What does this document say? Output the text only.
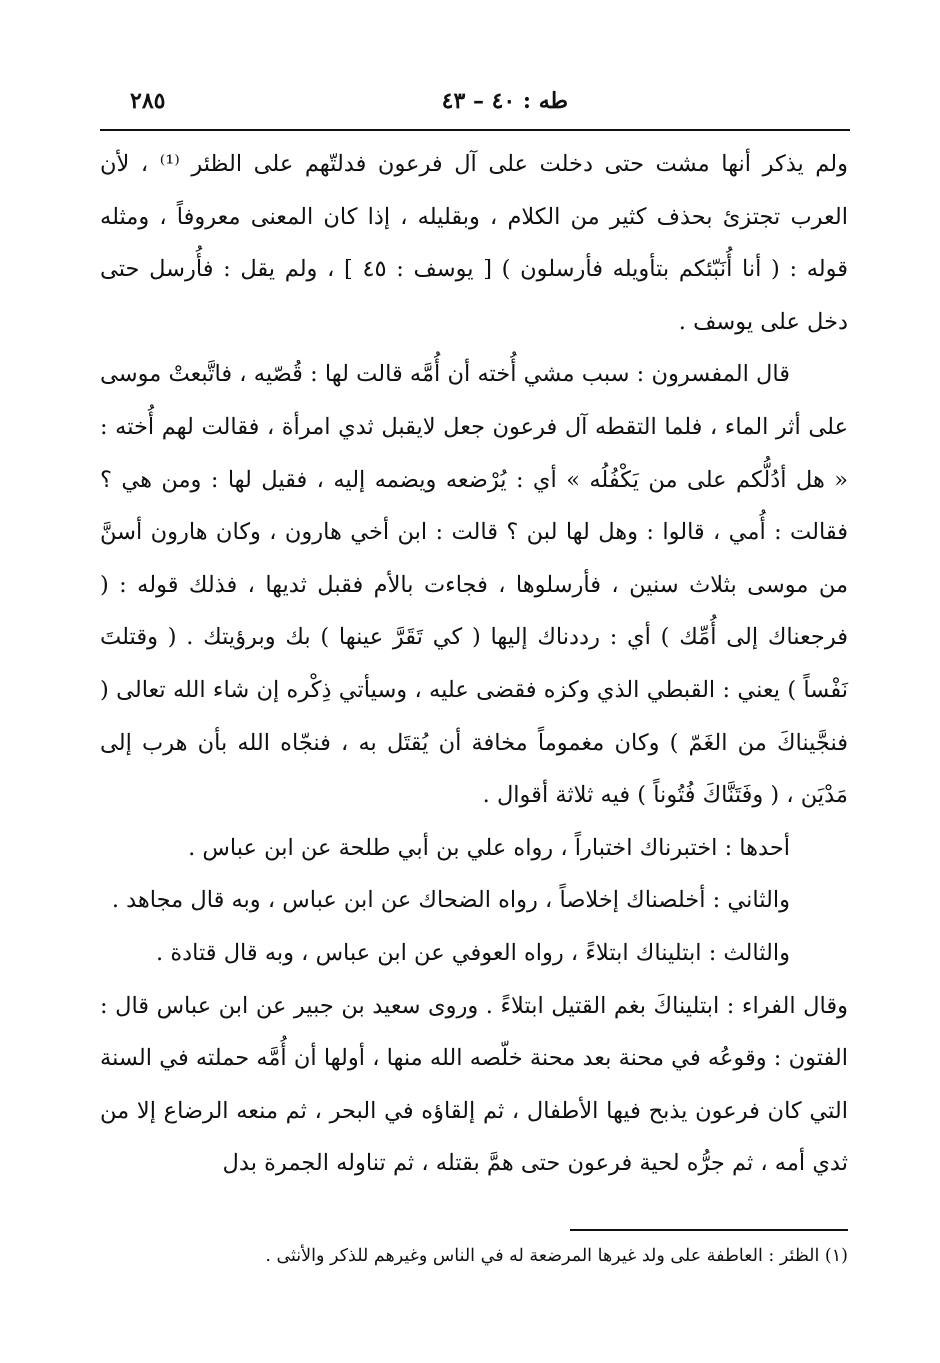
طه : ٤٠ – ٤٣
٢٨٥

ولم يذكر أنها مشت حتى دخلت على آل فرعون فدلتّهم على الظئر ⁽¹⁾ ، لأن العرب تجتزئ بحذف كثير من الكلام ، وبقليله ، إذا كان المعنى معروفاً ، ومثله قوله : ( أنا أُنَبّئكم بتأويله فأرسلون ) [ يوسف : ٤٥ ] ، ولم يقل : فأُرسل حتى دخل على يوسف .

قال المفسرون : سبب مشي أُخته أن أُمَّه قالت لها : قُصّيه ، فاتَّبعتْ موسى على أثر الماء ، فلما التقطه آل فرعون جعل لايقبل ثدي امرأة ، فقالت لهم أُخته : « هل أدُلُّكم على من يَكْفُلُه » أي : يُرْضعه ويضمه إليه ، فقيل لها : ومن هي ؟ فقالت : أُمي ، قالوا : وهل لها لبن ؟ قالت : ابن أخي هارون ، وكان هارون أسنَّ من موسى بثلاث سنين ، فأرسلوها ، فجاءت بالأم فقبل ثديها ، فذلك قوله : ( فرجعناك إلى أُمِّك ) أي : رددناك إليها ( كي تَقَرَّ عينها ) بك وبرؤيتك . ( وقتلتَ نَفْساً ) يعني : القبطي الذي وكزه فقضى عليه ، وسيأتي ذِكْره إن شاء الله تعالى ( فنجَّيناكَ من الغَمّ ) وكان مغموماً مخافة أن يُقتَل به ، فنجّاه الله بأن هرب إلى مَدْيَن ، ( وفَتَنَّاكَ فُتُوناً ) فيه ثلاثة أقوال .

أحدها : اختبرناك اختباراً ، رواه علي بن أبي طلحة عن ابن عباس .

والثاني : أخلصناك إخلاصاً ، رواه الضحاك عن ابن عباس ، وبه قال مجاهد .

والثالث : ابتليناك ابتلاءً ، رواه العوفي عن ابن عباس ، وبه قال قتادة .

وقال الفراء : ابتليناكَ بغم القتيل ابتلاءً . وروى سعيد بن جبير عن ابن عباس قال : الفتون : وقوعُه في محنة بعد محنة خلّصه الله منها ، أولها أن أُمَّه حملته في السنة التي كان فرعون يذبح فيها الأطفال ، ثم إلقاؤه في البحر ، ثم منعه الرضاع إلا من ثدي أمه ، ثم جرُّه لحية فرعون حتى همَّ بقتله ، ثم تناوله الجمرة بدل

(١) الظئر : العاطفة على ولد غيرها المرضعة له في الناس وغيرهم للذكر والأنثى .
